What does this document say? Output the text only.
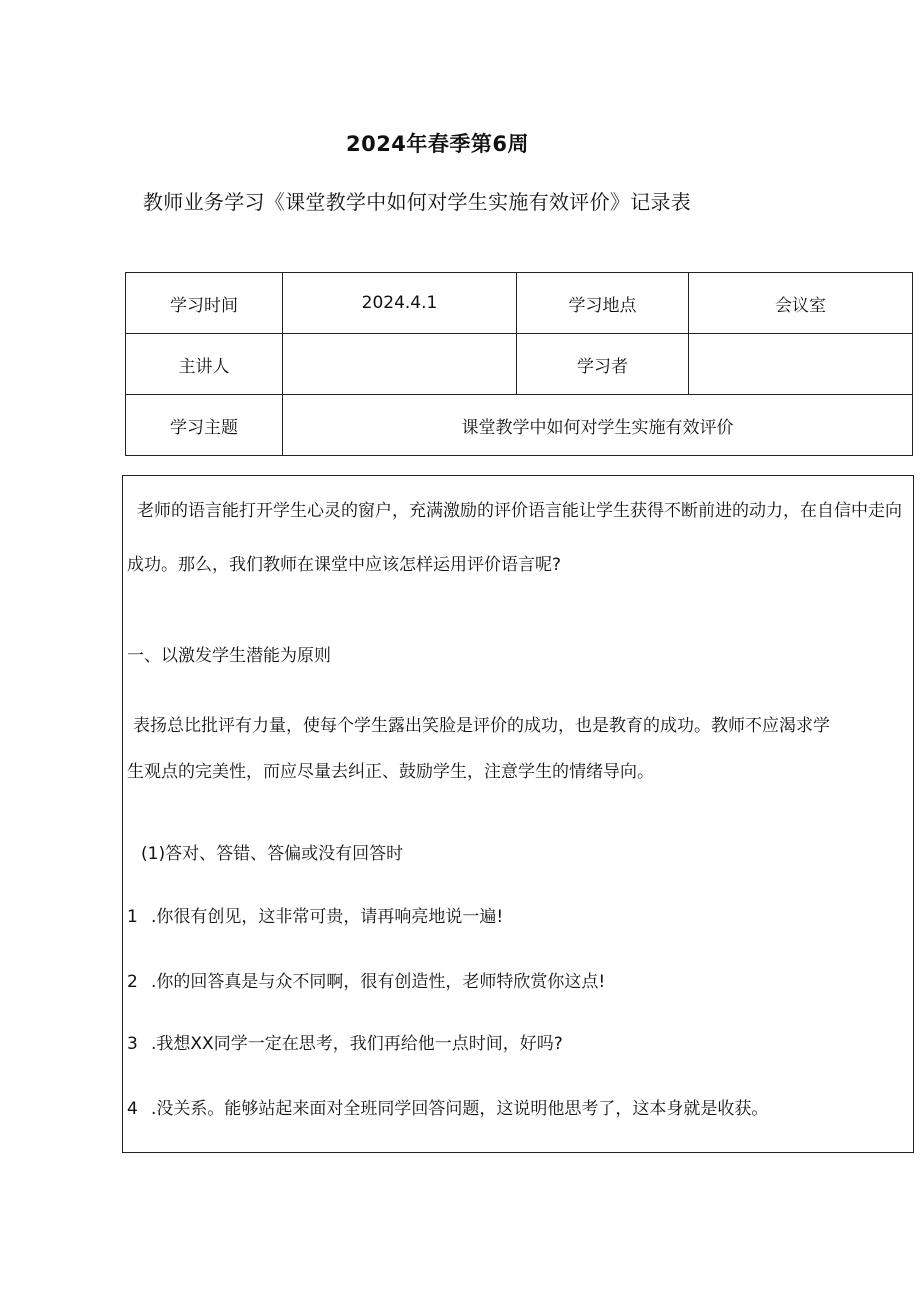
2024年春季第6周
教师业务学习《课堂教学中如何对学生实施有效评价》记录表
学习时间	2024.4.1	学习地点	会议室
主讲人		学习者	
学习主题	课堂教学中如何对学生实施有效评价		

老师的语言能打开学生心灵的窗户，充满激励的评价语言能让学生获得不断前进的动力，在自信中走向成功。那么，我们教师在课堂中应该怎样运用评价语言呢?

一、以激发学生潜能为原则

表扬总比批评有力量，使每个学生露出笑脸是评价的成功，也是教育的成功。教师不应渴求学

生观点的完美性，而应尽量去纠正、鼓励学生，注意学生的情绪导向。

(1)答对、答错、答偏或没有回答时

1 .你很有创见，这非常可贵，请再响亮地说一遍!

2 .你的回答真是与众不同啊，很有创造性，老师特欣赏你这点!

3 .我想XX同学一定在思考，我们再给他一点时间，好吗?

4 .没关系。能够站起来面对全班同学回答问题，这说明他思考了，这本身就是收获。
